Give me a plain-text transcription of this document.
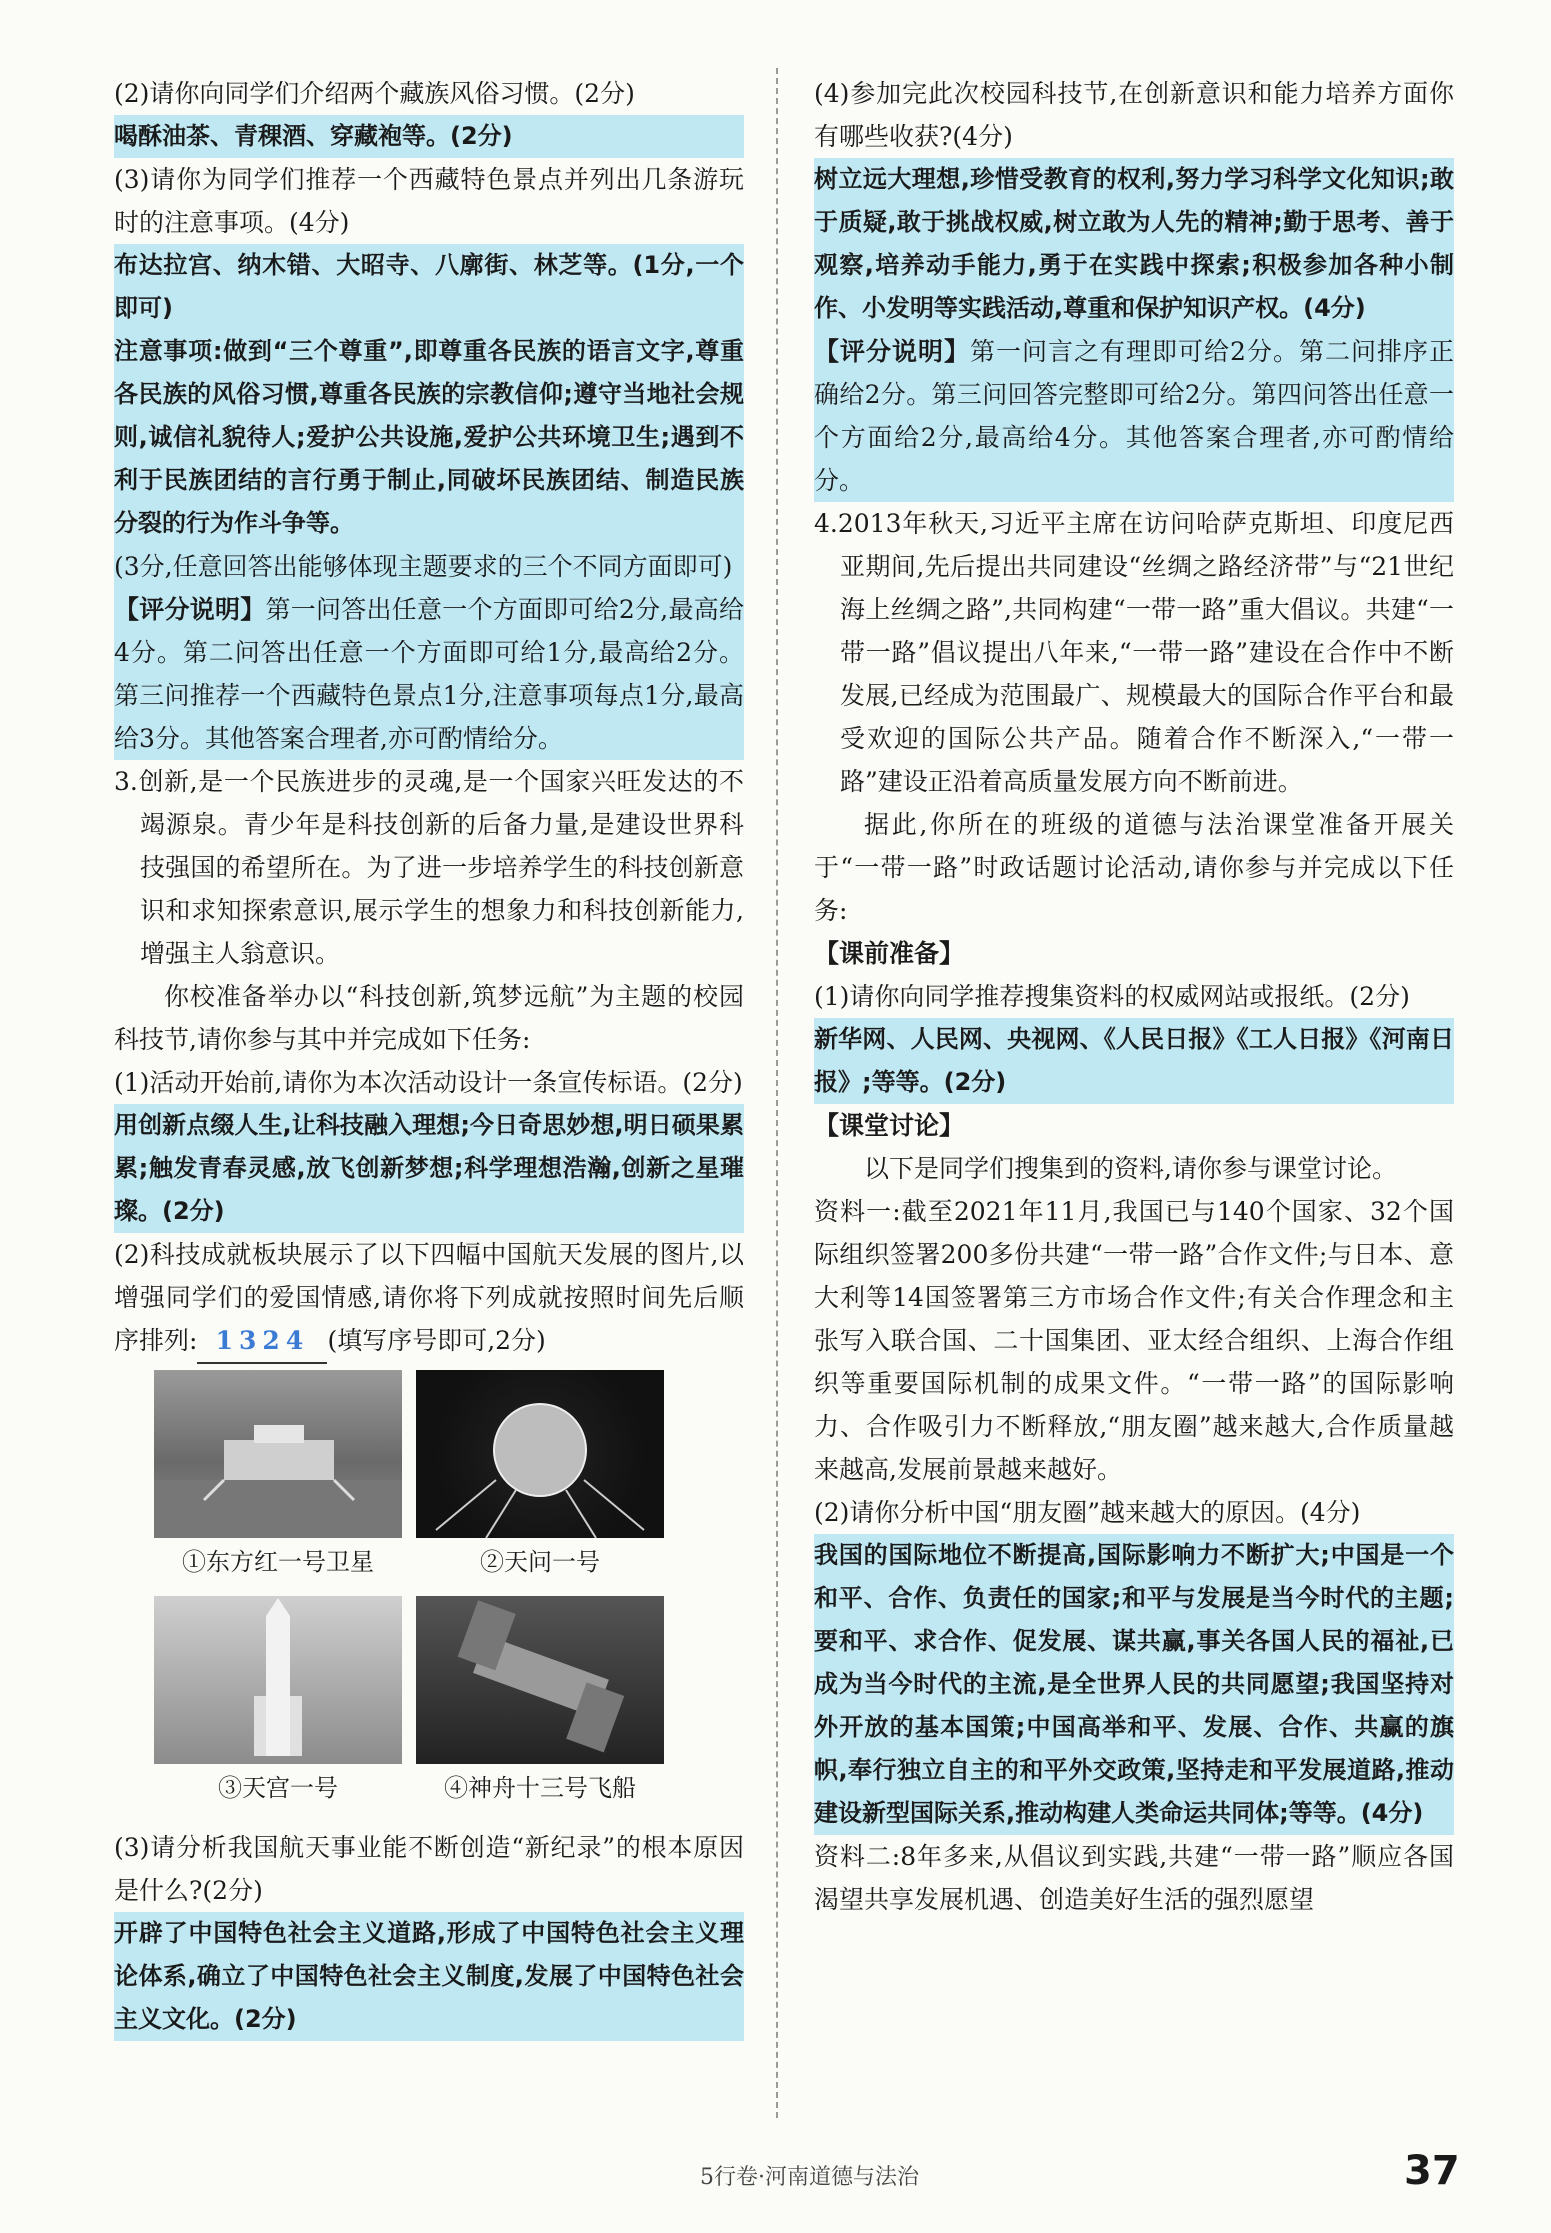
(2)请你向同学们介绍两个藏族风俗习惯。(2分)

喝酥油茶、青稞酒、穿藏袍等。(2分)

(3)请你为同学们推荐一个西藏特色景点并列出几条游玩时的注意事项。(4分)

布达拉宫、纳木错、大昭寺、八廓街、林芝等。(1分,一个即可)

注意事项:做到“三个尊重”,即尊重各民族的语言文字,尊重各民族的风俗习惯,尊重各民族的宗教信仰;遵守当地社会规则,诚信礼貌待人;爱护公共设施,爱护公共环境卫生;遇到不利于民族团结的言行勇于制止,同破坏民族团结、制造民族分裂的行为作斗争等。

(3分,任意回答出能够体现主题要求的三个不同方面即可)

【评分说明】第一问答出任意一个方面即可给2分,最高给4分。第二问答出任意一个方面即可给1分,最高给2分。第三问推荐一个西藏特色景点1分,注意事项每点1分,最高给3分。其他答案合理者,亦可酌情给分。

3.创新,是一个民族进步的灵魂,是一个国家兴旺发达的不竭源泉。青少年是科技创新的后备力量,是建设世界科技强国的希望所在。为了进一步培养学生的科技创新意识和求知探索意识,展示学生的想象力和科技创新能力,增强主人翁意识。

你校准备举办以“科技创新,筑梦远航”为主题的校园科技节,请你参与其中并完成如下任务:

(1)活动开始前,请你为本次活动设计一条宣传标语。(2分)

用创新点缀人生,让科技融入理想;今日奇思妙想,明日硕果累累;触发青春灵感,放飞创新梦想;科学理想浩瀚,创新之星璀璨。(2分)

(2)科技成就板块展示了以下四幅中国航天发展的图片,以增强同学们的爱国情感,请你将下列成就按照时间先后顺序排列: 1324 (填写序号即可,2分)

①东方红一号卫星	②天问一号
③天宫一号	④神舟十三号飞船

(3)请分析我国航天事业能不断创造“新纪录”的根本原因是什么?(2分)

开辟了中国特色社会主义道路,形成了中国特色社会主义理论体系,确立了中国特色社会主义制度,发展了中国特色社会主义文化。(2分)

(4)参加完此次校园科技节,在创新意识和能力培养方面你有哪些收获?(4分)

树立远大理想,珍惜受教育的权利,努力学习科学文化知识;敢于质疑,敢于挑战权威,树立敢为人先的精神;勤于思考、善于观察,培养动手能力,勇于在实践中探索;积极参加各种小制作、小发明等实践活动,尊重和保护知识产权。(4分)

【评分说明】第一问言之有理即可给2分。第二问排序正确给2分。第三问回答完整即可给2分。第四问答出任意一个方面给2分,最高给4分。其他答案合理者,亦可酌情给分。

4.2013年秋天,习近平主席在访问哈萨克斯坦、印度尼西亚期间,先后提出共同建设“丝绸之路经济带”与“21世纪海上丝绸之路”,共同构建“一带一路”重大倡议。共建“一带一路”倡议提出八年来,“一带一路”建设在合作中不断发展,已经成为范围最广、规模最大的国际合作平台和最受欢迎的国际公共产品。随着合作不断深入,“一带一路”建设正沿着高质量发展方向不断前进。

据此,你所在的班级的道德与法治课堂准备开展关于“一带一路”时政话题讨论活动,请你参与并完成以下任务:

【课前准备】

(1)请你向同学推荐搜集资料的权威网站或报纸。(2分)

新华网、人民网、央视网、《人民日报》《工人日报》《河南日报》;等等。(2分)

【课堂讨论】

以下是同学们搜集到的资料,请你参与课堂讨论。

资料一:截至2021年11月,我国已与140个国家、32个国际组织签署200多份共建“一带一路”合作文件;与日本、意大利等14国签署第三方市场合作文件;有关合作理念和主张写入联合国、二十国集团、亚太经合组织、上海合作组织等重要国际机制的成果文件。“一带一路”的国际影响力、合作吸引力不断释放,“朋友圈”越来越大,合作质量越来越高,发展前景越来越好。

(2)请你分析中国“朋友圈”越来越大的原因。(4分)

我国的国际地位不断提高,国际影响力不断扩大;中国是一个和平、合作、负责任的国家;和平与发展是当今时代的主题;要和平、求合作、促发展、谋共赢,事关各国人民的福祉,已成为当今时代的主流,是全世界人民的共同愿望;我国坚持对外开放的基本国策;中国高举和平、发展、合作、共赢的旗帜,奉行独立自主的和平外交政策,坚持走和平发展道路,推动建设新型国际关系,推动构建人类命运共同体;等等。(4分)

资料二:8年多来,从倡议到实践,共建“一带一路”顺应各国渴望共享发展机遇、创造美好生活的强烈愿望

5行卷·河南道德与法治	37
